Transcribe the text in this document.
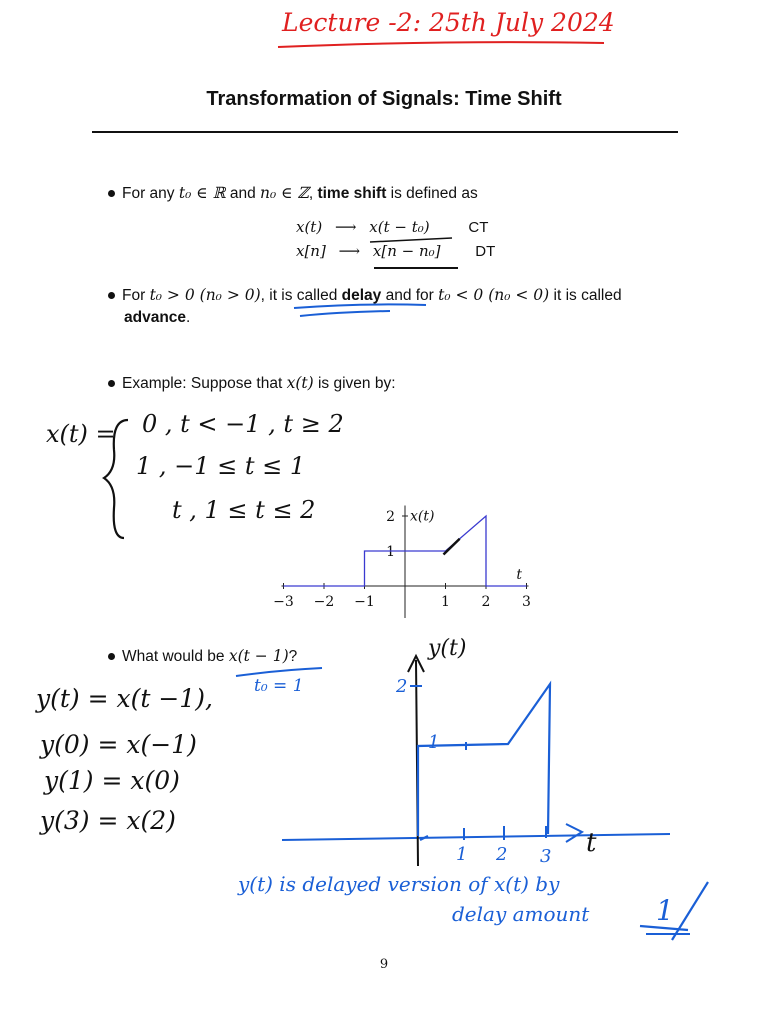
Lecture -2: 25th July 2024
Transformation of Signals: Time Shift
For any t₀ ∈ ℝ and n₀ ∈ ℤ, time shift is defined as
x(t) ⟶ x(t − t₀)	CT
x[n] ⟶ x[n − n₀] DT
For t₀ > 0 (n₀ > 0), it is called delay and for t₀ < 0 (n₀ < 0) it is called
advance.
Example: Suppose that x(t) is given by:
x(t) = 0 , t < −1 , t ≥ 2
1 , −1 ≤ t ≤ 1
t , 1 ≤ t ≤ 2
−3 −2 −1	1 2 3
1
2 x(t)
t
What would be x(t − 1)?
t₀ = 1
y(t) = x(t −1),
y(0) = x(−1)
y(1) = x(0)
y(3) = x(2)
y(t)
2
1
1 2 3 t
y(t) is delayed version of x(t) by
delay amount 1
9
